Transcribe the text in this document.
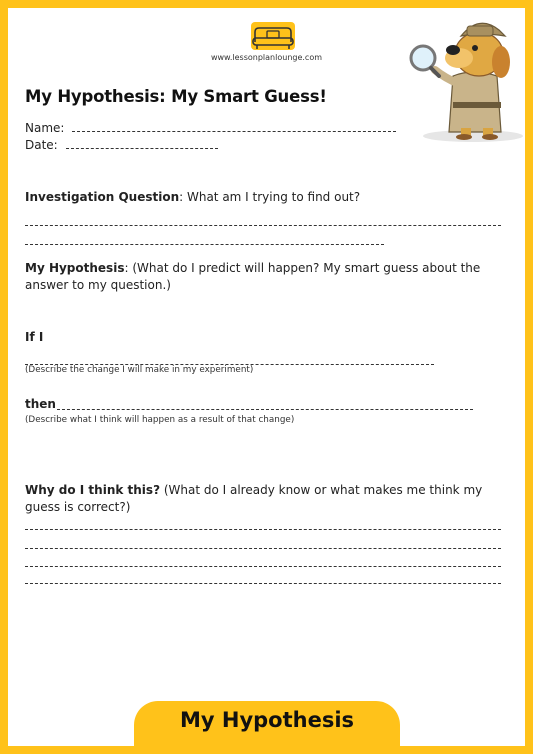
www.lessonplanlounge.com
My Hypothesis: My Smart Guess!
Name:
Date:
Investigation Question: What am I trying to find out?
My Hypothesis: (What do I predict will happen? My smart guess about the answer to my question.)
If I
(Describe the change I will make in my experiment)
then
(Describe what I think will happen as a result of that change)
Why do I think this? (What do I already know or what makes me think my guess is correct?)
My Hypothesis
